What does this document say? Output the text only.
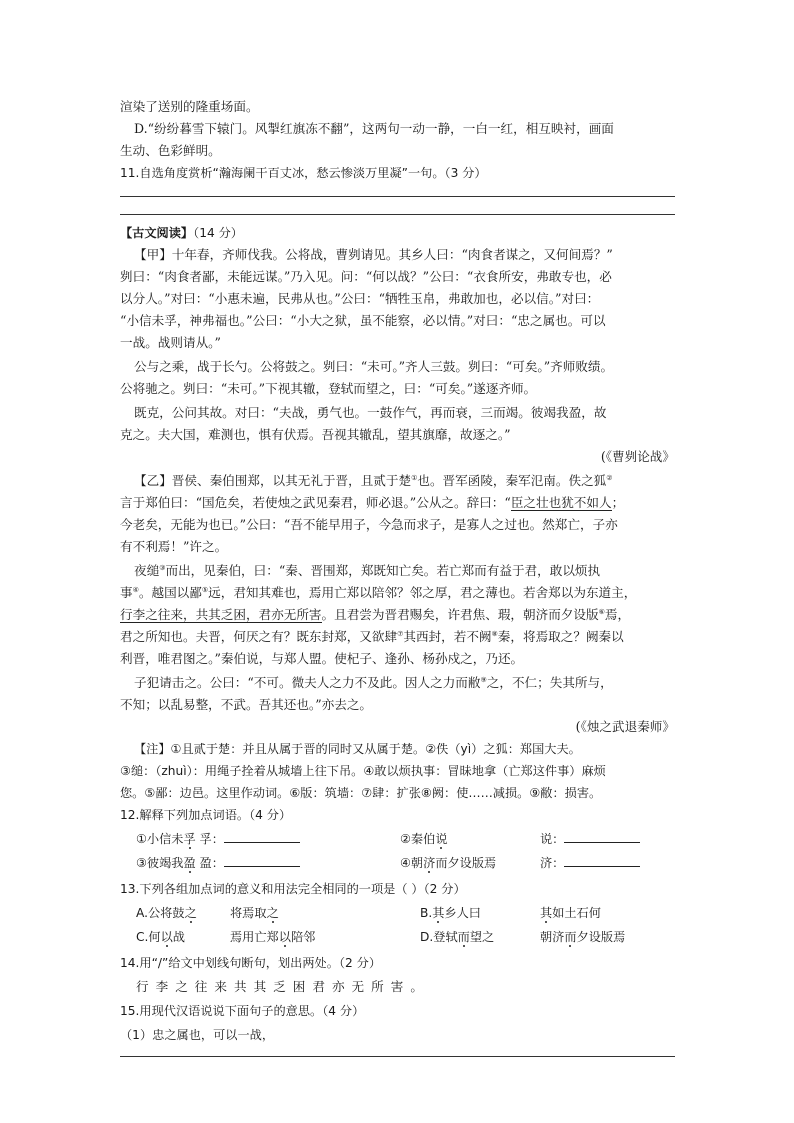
渲染了送别的隆重场面。
D.“纷纷暮雪下辕门。风掣红旗冻不翻”，这两句一动一静，一白一红，相互映衬，画面
生动、色彩鲜明。
11.自选角度赏析“瀚海阑干百丈冰，愁云惨淡万里凝”一句。（3 分）
【古文阅读】（14 分）
【甲】十年春，齐师伐我。公将战，曹刿请见。其乡人曰：“肉食者谋之，又何间焉？”
刿曰：“肉食者鄙，未能远谋。”乃入见。问：“何以战？”公曰：“衣食所安，弗敢专也，必
以分人。”对曰：“小惠未遍，民弗从也。”公曰：“牺牲玉帛，弗敢加也，必以信。”对曰：
“小信未孚，神弗福也。”公曰：“小大之狱，虽不能察，必以情。”对曰：“忠之属也。可以
一战。战则请从。”
公与之乘，战于长勺。公将鼓之。刿曰：“未可。”齐人三鼓。刿曰：“可矣。”齐师败绩。
公将驰之。刿曰：“未可。”下视其辙，登轼而望之，曰：“可矣。”遂逐齐师。
既克，公问其故。对曰：“夫战，勇气也。一鼓作气，再而衰，三而竭。彼竭我盈，故
克之。夫大国，难测也，惧有伏焉。吾视其辙乱，望其旗靡，故逐之。”
(《曹刿论战》
【乙】晋侯、秦伯围郑，以其无礼于晋，且贰于楚①也。晋军函陵，秦军氾南。佚之狐②
言于郑伯曰：“国危矣，若使烛之武见秦君，师必退。”公从之。辞曰：“臣之壮也犹不如人；
今老矣，无能为也已。”公曰：“吾不能早用子，今急而求子，是寡人之过也。然郑亡，子亦
有不利焉！”许之。
夜缒③而出，见秦伯，曰：“秦、晋围郑，郑既知亡矣。若亡郑而有益于君，敢以烦执
事④。越国以鄙⑤远，君知其难也，焉用亡郑以陪邻？邻之厚，君之薄也。若舍郑以为东道主，
行李之往来，共其乏困，君亦无所害。且君尝为晋君赐矣，许君焦、瑕，朝济而夕设版⑥焉，
君之所知也。夫晋，何厌之有？既东封郑，又欲肆⑦其西封，若不阙⑧秦，将焉取之？阙秦以
利晋，唯君图之。”秦伯说，与郑人盟。使杞子、逢孙、杨孙戍之，乃还。
子犯请击之。公曰：“不可。微夫人之力不及此。因人之力而敝⑨之，不仁；失其所与，
不知；以乱易整，不武。吾其还也。”亦去之。
(《烛之武退秦师》
【注】①且贰于楚：并且从属于晋的同时又从属于楚。②佚（yì）之狐：郑国大夫。
③缒：（zhuì）：用绳子拴着从城墙上往下吊。④敢以烦执事：冒昧地拿（亡郑这件事）麻烦
您。⑤鄙：边邑。这里作动词。⑥版：筑墙：⑦肆：扩张⑧阙：使……减损。⑨敝：损害。
12.解释下列加点词语。（4 分）
①小信未孚 孚：	②秦伯说	说：
③彼竭我盈 盈：	④朝济而夕设版焉	济：
13.下列各组加点词的意义和用法完全相同的一项是（ ）（2 分）
A.公将鼓之	将焉取之	B.其乡人曰	其如土石何
C.何以战	焉用亡郑以陪邻	D.登轼而望之	朝济而夕设版焉
14.用“/”给文中划线句断句，划出两处。（2 分）
行李之往来共其乏困君亦无所害。
15.用现代汉语说说下面句子的意思。（4 分）
（1）忠之属也，可以一战，
